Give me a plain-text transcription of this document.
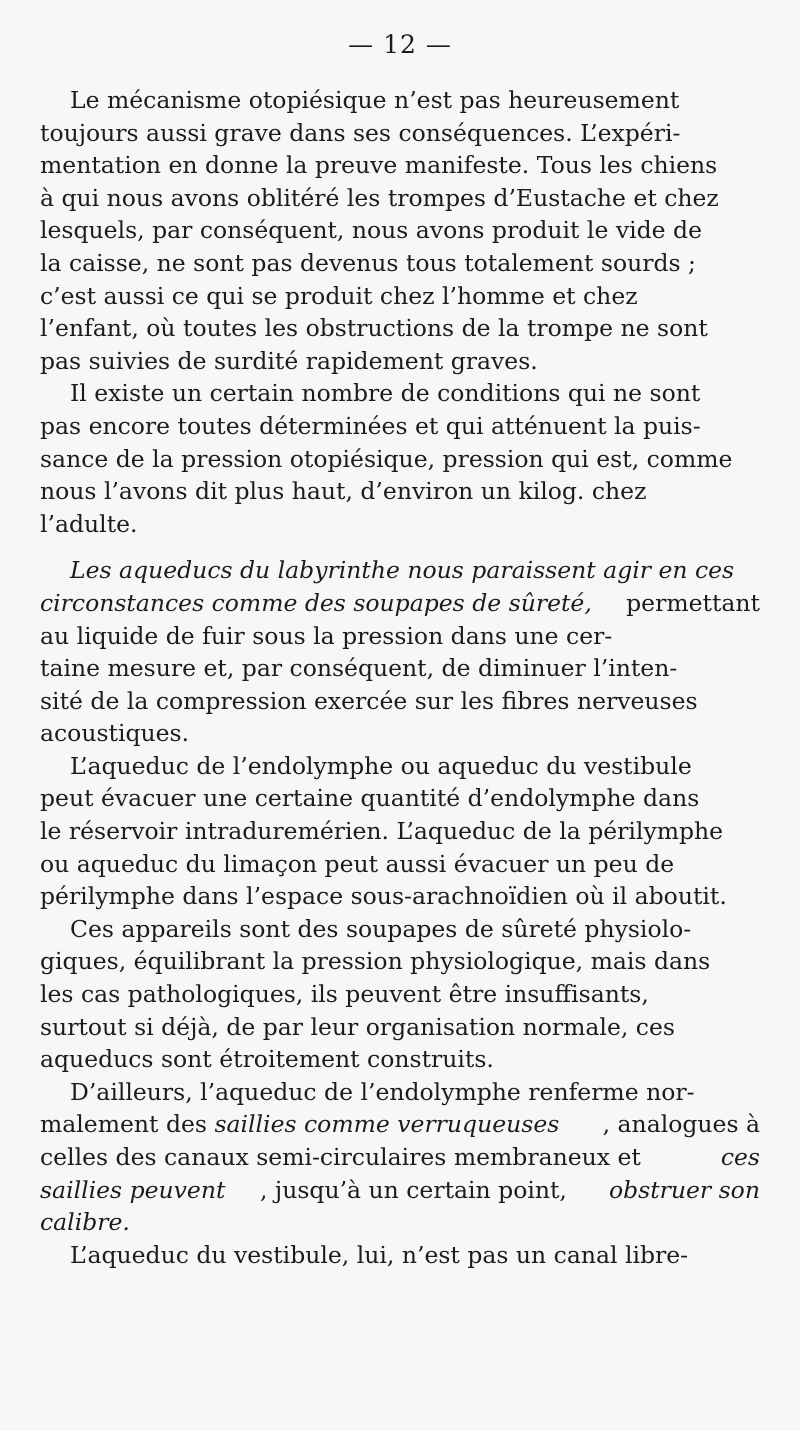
— 12 —
Le mécanisme otopiésique n’est pas heureusement
toujours aussi grave dans ses conséquences. L’expéri-
mentation en donne la preuve manifeste. Tous les chiens
à qui nous avons oblitéré les trompes d’Eustache et chez
lesquels, par conséquent, nous avons produit le vide de
la caisse, ne sont pas devenus tous totalement sourds ;
c’est aussi ce qui se produit chez l’homme et chez
l’enfant, où toutes les obstructions de la trompe ne sont
pas suivies de surdité rapidement graves.
Il existe un certain nombre de conditions qui ne sont
pas encore toutes déterminées et qui atténuent la puis-
sance de la pression otopiésique, pression qui est, comme
nous l’avons dit plus haut, d’environ un kilog. chez
l’adulte.
Les aqueducs du labyrinthe nous paraissent agir en ces
circonstances comme des soupapes de sûreté, permettant
au liquide de fuir sous la pression dans une cer-
taine mesure et, par conséquent, de diminuer l’inten-
sité de la compression exercée sur les fibres nerveuses
acoustiques.
L’aqueduc de l’endolymphe ou aqueduc du vestibule
peut évacuer une certaine quantité d’endolymphe dans
le réservoir intraduremérien. L’aqueduc de la périlymphe
ou aqueduc du limaçon peut aussi évacuer un peu de
périlymphe dans l’espace sous-arachnoïdien où il aboutit.
Ces appareils sont des soupapes de sûreté physiolo-
giques, équilibrant la pression physiologique, mais dans
les cas pathologiques, ils peuvent être insuffisants,
surtout si déjà, de par leur organisation normale, ces
aqueducs sont étroitement construits.
D’ailleurs, l’aqueduc de l’endolymphe renferme nor-
malement des saillies comme verruqueuses , analogues à
celles des canaux semi-circulaires membraneux et	ces
saillies peuvent , jusqu’à un certain point, obstruer son
calibre.
L’aqueduc du vestibule, lui, n’est pas un canal libre-
